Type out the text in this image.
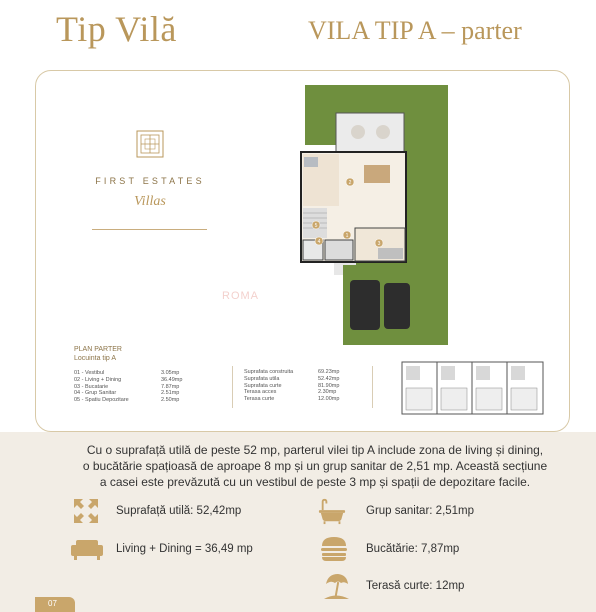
Tip Vilă	VILA TIP A – parter
FIRST ESTATES
Villas
PLAN PARTER
Locuinta tip A
01 - Vestibul
02 - Living + Dining
03 - Bucatarie
04 - Grup Sanitar
05 - Spatiu Depozitare
3.05mp
36.49mp
7.87mp
2.51mp
2.50mp
Suprafata construita
Suprafata utila
Suprafata curte
Terasa acces
Terasa curte
69.23mp
52.42mp
81.90mp
2.30mp
12.00mp
2
5
1
4	3
ROMA
Cu o suprafață utilă de peste 52 mp, parterul vilei tip A include zona de living și dining,
o bucătărie spațioasă de aproape 8 mp și un grup sanitar de 2,51 mp. Această secțiune
a casei este prevăzută cu un vestibul de peste 3 mp și spații de depozitare facile.
Suprafață utilă: 52,42mp
Living + Dining = 36,49 mp
Grup sanitar: 2,51mp
Bucătărie: 7,87mp
Terasă curte: 12mp
07
